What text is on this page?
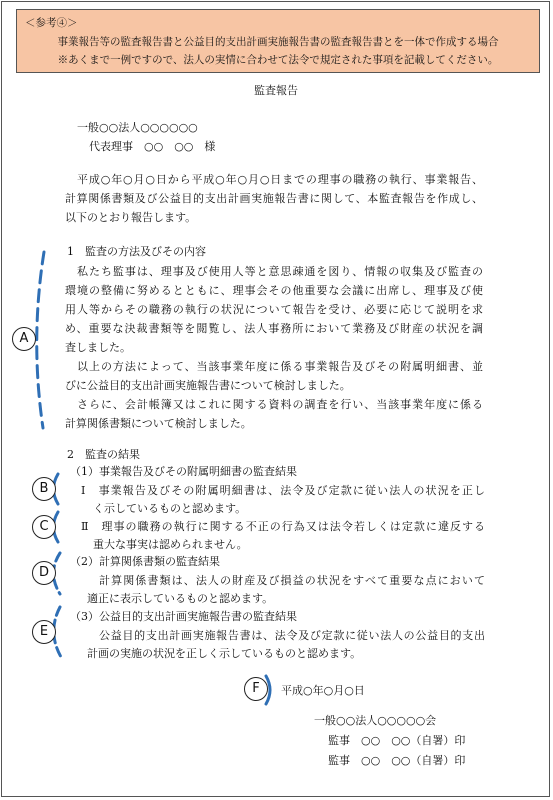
＜参考④＞
事業報告等の監査報告書と公益目的支出計画実施報告書の監査報告書とを一体で作成する場合
※あくまで一例ですので、法人の実情に合わせて法令で規定された事項を記載してください。
監査報告
一般○○法人○○○○○○
代表理事　○○　○○　様
平成○年○月○日から平成○年○月○日までの理事の職務の執行、事業報告、
計算関係書類及び公益目的支出計画実施報告書に関して、本監査報告を作成し、
以下のとおり報告します。
1　監査の方法及びその内容
私たち監事は、理事及び使用人等と意思疎通を図り、情報の収集及び監査の
環境の整備に努めるとともに、理事会その他重要な会議に出席し、理事及び使
用人等からその職務の執行の状況について報告を受け、必要に応じて説明を求
め、重要な決裁書類等を閲覧し、法人事務所において業務及び財産の状況を調
査しました。
以上の方法によって、当該事業年度に係る事業報告及びその附属明細書、並
びに公益目的支出計画実施報告書について検討しました。
さらに、会計帳簿又はこれに関する資料の調査を行い、当該事業年度に係る
計算関係書類について検討しました。
2　監査の結果
（1）事業報告及びその附属明細書の監査結果
Ⅰ　事業報告及びその附属明細書は、法令及び定款に従い法人の状況を正し
く示しているものと認めます。
Ⅱ　理事の職務の執行に関する不正の行為又は法令若しくは定款に違反する
重大な事実は認められません。
（2）計算関係書類の監査結果
計算関係書類は、法人の財産及び損益の状況をすべて重要な点において
適正に表示しているものと認めます。
（3）公益目的支出計画実施報告書の監査結果
公益目的支出計画実施報告書は、法令及び定款に従い法人の公益目的支出
計画の実施の状況を正しく示しているものと認めます。
平成○年○月○日
一般○○法人○○○○○会
監事　○○　○○（自署）印
監事　○○　○○（自署）印
A
B
C
D
E
F
